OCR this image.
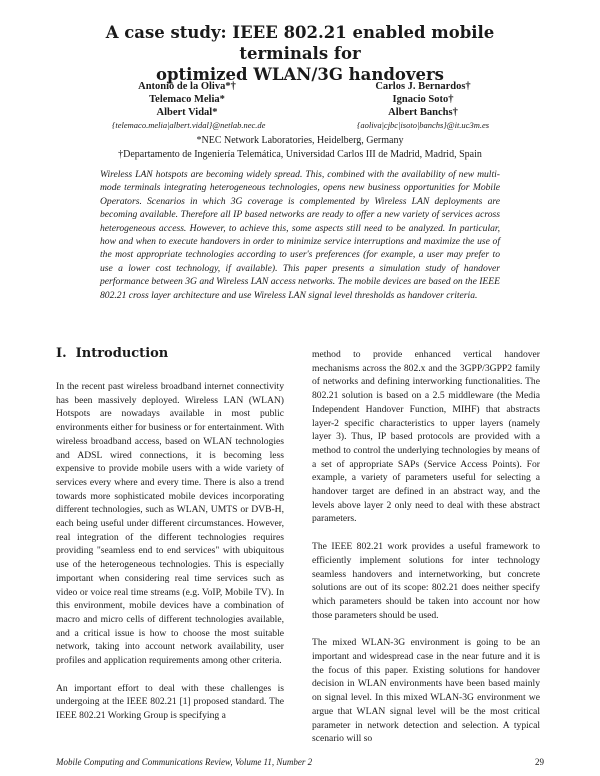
A case study: IEEE 802.21 enabled mobile terminals for
optimized WLAN/3G handovers
Antonio de la Oliva*†
Telemaco Melia*
Albert Vidal*
{telemaco.melia|albert.vidal}@netlab.nec.de
Carlos J. Bernardos†
Ignacio Soto†
Albert Banchs†
{aoliva|cjbc|isoto|banchs}@it.uc3m.es
*NEC Network Laboratories, Heidelberg, Germany
†Departamento de Ingeniería Telemática, Universidad Carlos III de Madrid, Madrid, Spain
Wireless LAN hotspots are becoming widely spread. This, combined with the availability of new multi-mode terminals integrating heterogeneous technologies, opens new business opportunities for Mobile Operators. Scenarios in which 3G coverage is complemented by Wireless LAN deployments are becoming available. Therefore all IP based networks are ready to offer a new variety of services across heterogeneous access. However, to achieve this, some aspects still need to be analyzed. In particular, how and when to execute handovers in order to minimize service interruptions and maximize the use of the most appropriate technologies according to user's preferences (for example, a user may prefer to use a lower cost technology, if available). This paper presents a simulation study of handover performance between 3G and Wireless LAN access networks. The mobile devices are based on the IEEE 802.21 cross layer architecture and use Wireless LAN signal level thresholds as handover criteria.
I. Introduction

In the recent past wireless broadband internet connectivity has been massively deployed. Wireless LAN (WLAN) Hotspots are nowadays available in most public environments either for business or for entertainment. With wireless broadband access, based on WLAN technologies and ADSL wired connections, it is becoming less expensive to provide mobile users with a wide variety of services every where and every time. There is also a trend towards more sophisticated mobile devices incorporating different technologies, such as WLAN, UMTS or DVB-H, each being useful under different circumstances. However, real integration of the different technologies requires providing "seamless end to end services" with ubiquitous use of the heterogeneous technologies. This is especially important when considering real time services such as video or voice real time streams (e.g. VoIP, Mobile TV). In this environment, mobile devices have a combination of macro and micro cells of different technologies available, and a critical issue is how to choose the most suitable network, taking into account network availability, user profiles and application requirements among other criteria.

An important effort to deal with these challenges is undergoing at the IEEE 802.21 [1] proposed standard. The IEEE 802.21 Working Group is specifying a

method to provide enhanced vertical handover mechanisms across the 802.x and the 3GPP/3GPP2 family of networks and defining interworking functionalities. The 802.21 solution is based on a 2.5 middleware (the Media Independent Handover Function, MIHF) that abstracts layer-2 specific characteristics to upper layers (namely layer 3). Thus, IP based protocols are provided with a method to control the underlying technologies by means of a set of appropriate SAPs (Service Access Points). For example, a variety of parameters useful for selecting a handover target are defined in an abstract way, and the levels above layer 2 only need to deal with these abstract parameters.

The IEEE 802.21 work provides a useful framework to efficiently implement solutions for inter technology seamless handovers and internetworking, but concrete solutions are out of its scope: 802.21 does neither specify which parameters should be taken into account nor how those parameters should be used.

The mixed WLAN-3G environment is going to be an important and widespread case in the near future and it is the focus of this paper. Existing solutions for handover decision in WLAN environments have been based mainly on signal level. In this mixed WLAN-3G environment we argue that WLAN signal level will be the most critical parameter in network detection and selection. A typical scenario will so

Mobile Computing and Communications Review, Volume 11, Number 2	29
